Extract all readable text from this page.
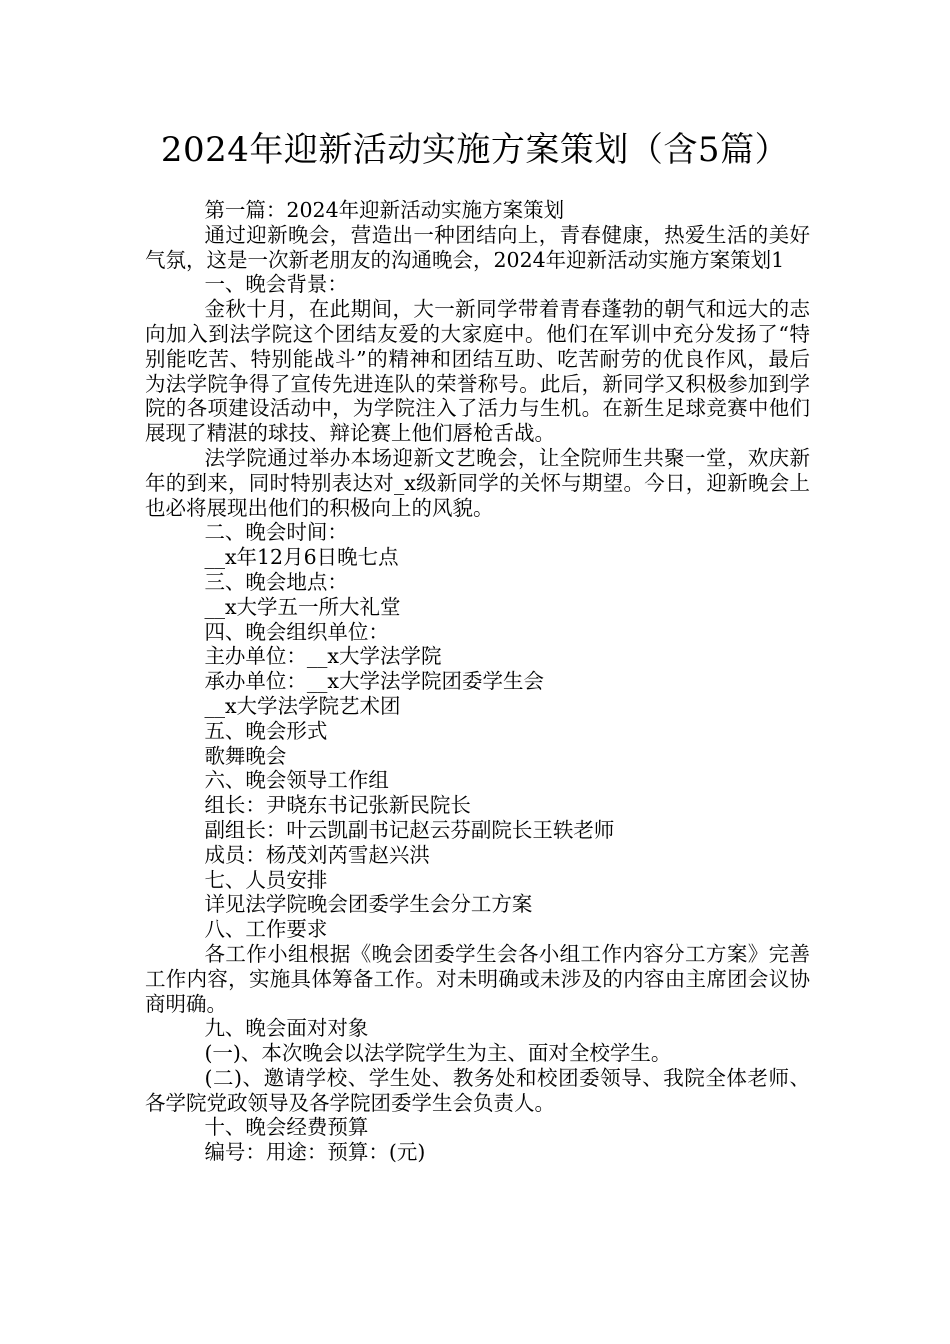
2024年迎新活动实施方案策划（含5篇）

第一篇：2024年迎新活动实施方案策划

通过迎新晚会，营造出一种团结向上，青春健康，热爱生活的美好气氛，这是一次新老朋友的沟通晚会，2024年迎新活动实施方案策划1

一、晚会背景：

金秋十月，在此期间，大一新同学带着青春蓬勃的朝气和远大的志向加入到法学院这个团结友爱的大家庭中。他们在军训中充分发扬了“特别能吃苦、特别能战斗”的精神和团结互助、吃苦耐劳的优良作风，最后为法学院争得了宣传先进连队的荣誉称号。此后，新同学又积极参加到学院的各项建设活动中，为学院注入了活力与生机。在新生足球竞赛中他们展现了精湛的球技、辩论赛上他们唇枪舌战。

法学院通过举办本场迎新文艺晚会，让全院师生共聚一堂，欢庆新年的到来，同时特别表达对_x级新同学的关怀与期望。今日，迎新晚会上也必将展现出他们的积极向上的风貌。

二、晚会时间：

__x年12月6日晚七点

三、晚会地点：

__x大学五一所大礼堂

四、晚会组织单位：

主办单位：__x大学法学院

承办单位：__x大学法学院团委学生会

__x大学法学院艺术团

五、晚会形式

歌舞晚会

六、晚会领导工作组

组长：尹晓东书记张新民院长

副组长：叶云凯副书记赵云芬副院长王轶老师

成员：杨茂刘芮雪赵兴洪

七、人员安排

详见法学院晚会团委学生会分工方案

八、工作要求

各工作小组根据《晚会团委学生会各小组工作内容分工方案》完善工作内容，实施具体筹备工作。对未明确或未涉及的内容由主席团会议协商明确。

九、晚会面对对象

(一)、本次晚会以法学院学生为主、面对全校学生。

(二)、邀请学校、学生处、教务处和校团委领导、我院全体老师、各学院党政领导及各学院团委学生会负责人。

十、晚会经费预算

编号：用途：预算：(元)
